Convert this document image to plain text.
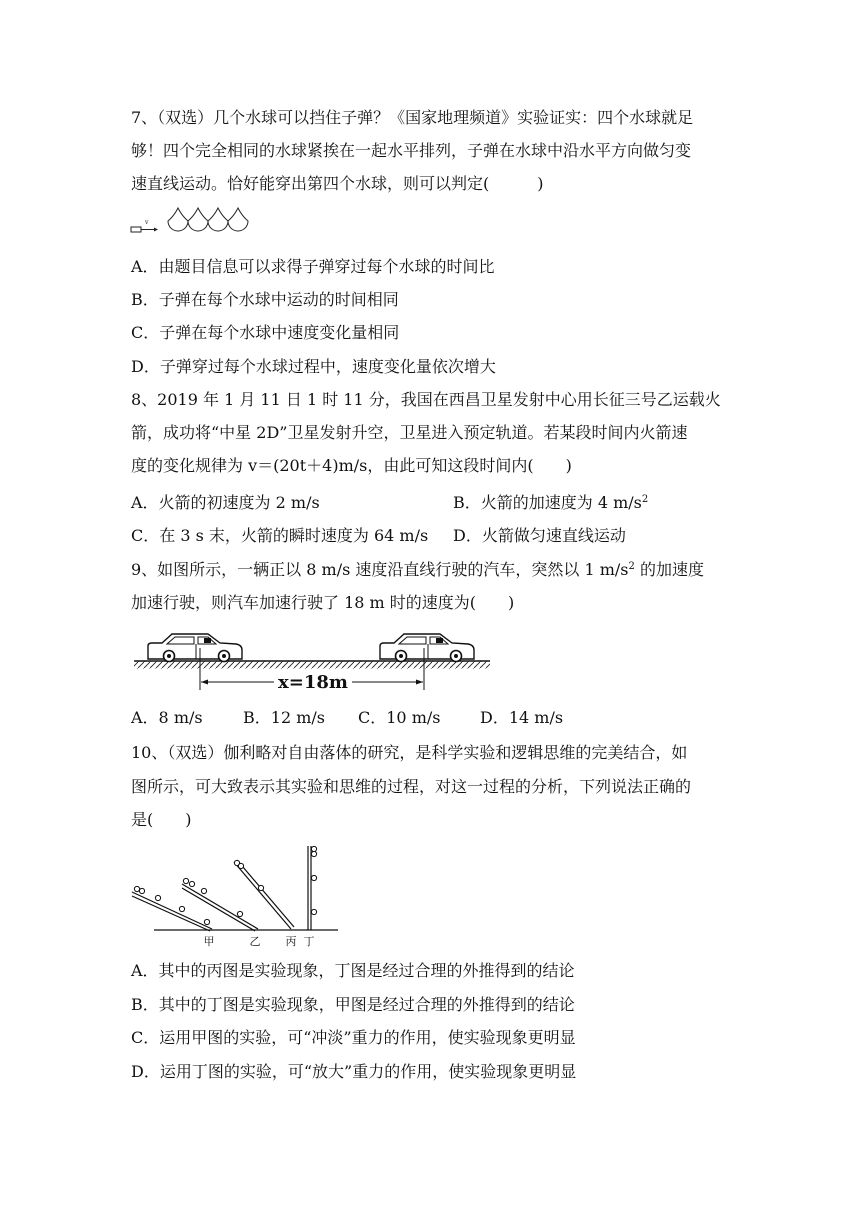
7、（双选）几个水球可以挡住子弹？《国家地理频道》实验证实：四个水球就足
够！四个完全相同的水球紧挨在一起水平排列，子弹在水球中沿水平方向做匀变
速直线运动。恰好能穿出第四个水球，则可以判定(　　　)
v
A．由题目信息可以求得子弹穿过每个水球的时间比
B．子弹在每个水球中运动的时间相同
C．子弹在每个水球中速度变化量相同
D．子弹穿过每个水球过程中，速度变化量依次增大
8、2019 年 1 月 11 日 1 时 11 分，我国在西昌卫星发射中心用长征三号乙运载火
箭，成功将“中星 2D”卫星发射升空，卫星进入预定轨道。若某段时间内火箭速
度的变化规律为 v＝(20t＋4)m/s，由此可知这段时间内(　　)
A．火箭的初速度为 2 m/s	B．火箭的加速度为 4 $m/s^2$
C．在 3 s 末，火箭的瞬时速度为 64 m/s D．火箭做匀速直线运动
9、如图所示，一辆正以 8 m/s 速度沿直线行驶的汽车，突然以 1 $m/s^2$ 的加速度
加速行驶，则汽车加速行驶了 18 m 时的速度为(　　)
x=18m
A．8 m/s	B．12 m/s C．10 m/s D．14 m/s
10、（双选）伽利略对自由落体的研究，是科学实验和逻辑思维的完美结合，如
图所示，可大致表示其实验和思维的过程，对这一过程的分析，下列说法正确的
是(　　)
甲	乙 丙 丁
A．其中的丙图是实验现象，丁图是经过合理的外推得到的结论
B．其中的丁图是实验现象，甲图是经过合理的外推得到的结论
C．运用甲图的实验，可“冲淡”重力的作用，使实验现象更明显
D．运用丁图的实验，可“放大”重力的作用，使实验现象更明显
